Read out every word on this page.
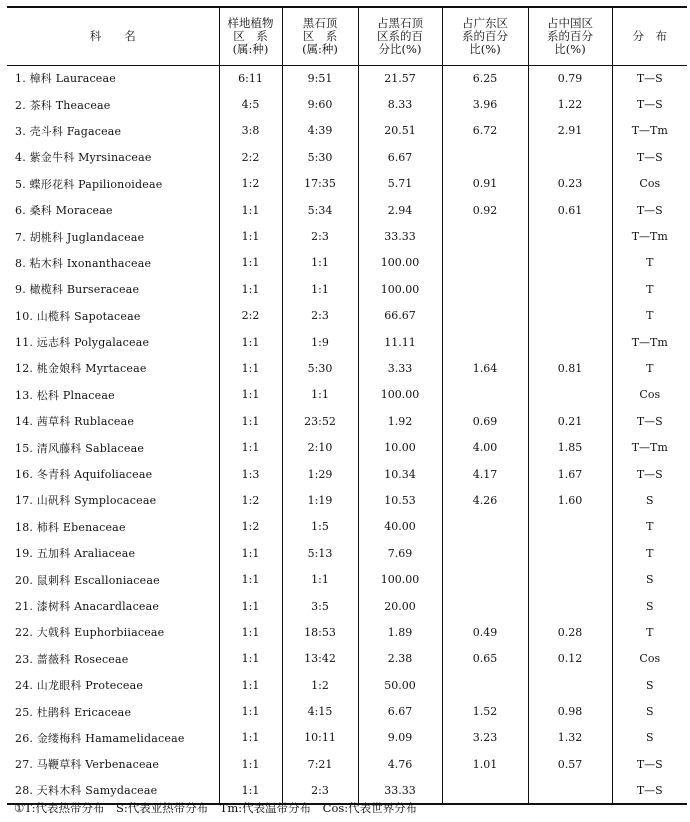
科　　名	样地植物
区　系
(属:种)	黑石顶
区　系
(属:种)	占黑石顶
区系的百
分比(%)	占广东区
系的百分
比(%)	占中国区
系的百分
比(%)	分　布

1. 樟科 Lauraceae	6:11	9:51	21.57	6.25	0.79	T—S
2. 茶科 Theaceae	4:5	9:60	8.33	3.96	1.22	T—S
3. 壳斗科 Fagaceae	3:8	4:39	20.51	6.72	2.91	T—Tm
4. 紫金牛科 Myrsinaceae	2:2	5:30	6.67			T—S
5. 蝶形花科 Papilionoideae	1:2	17:35	5.71	0.91	0.23	Cos
6. 桑科 Moraceae	1:1	5:34	2.94	0.92	0.61	T—S
7. 胡桃科 Juglandaceae	1:1	2:3	33.33			T—Tm
8. 粘木科 Ixonanthaceae	1:1	1:1	100.00			T
9. 橄榄科 Burseraceae	1:1	1:1	100.00			T
10. 山榄科 Sapotaceae	2:2	2:3	66.67			T
11. 远志科 Polygalaceae	1:1	1:9	11.11			T—Tm
12. 桃金娘科 Myrtaceae	1:1	5:30	3.33	1.64	0.81	T
13. 松科 Plnaceae	1:1	1:1	100.00			Cos
14. 茜草科 Rublaceae	1:1	23:52	1.92	0.69	0.21	T—S
15. 清风藤科 Sablaceae	1:1	2:10	10.00	4.00	1.85	T—Tm
16. 冬青科 Aquifoliaceae	1:3	1:29	10.34	4.17	1.67	T—S
17. 山矾科 Symplocaceae	1:2	1:19	10.53	4.26	1.60	S
18. 柿科 Ebenaceae	1:2	1:5	40.00			T
19. 五加科 Araliaceae	1:1	5:13	7.69			T
20. 鼠刺科 Escalloniaceae	1:1	1:1	100.00			S
21. 漆树科 Anacardlaceae	1:1	3:5	20.00			S
22. 大戟科 Euphorbiiaceae	1:1	18:53	1.89	0.49	0.28	T
23. 蔷薇科 Roseceae	1:1	13:42	2.38	0.65	0.12	Cos
24. 山龙眼科 Proteceae	1:1	1:2	50.00			S
25. 杜鹃科 Ericaceae	1:1	4:15	6.67	1.52	0.98	S
26. 金缕梅科 Hamamelidaceae	1:1	10:11	9.09	3.23	1.32	S
27. 马鞭草科 Verbenaceae	1:1	7:21	4.76	1.01	0.57	T—S
28. 天料木科 Samydaceae	1:1	2:3	33.33			T—S
①T:代表热带分布　S:代表亚热带分布　Tm:代表温带分布　Cos:代表世界分布
